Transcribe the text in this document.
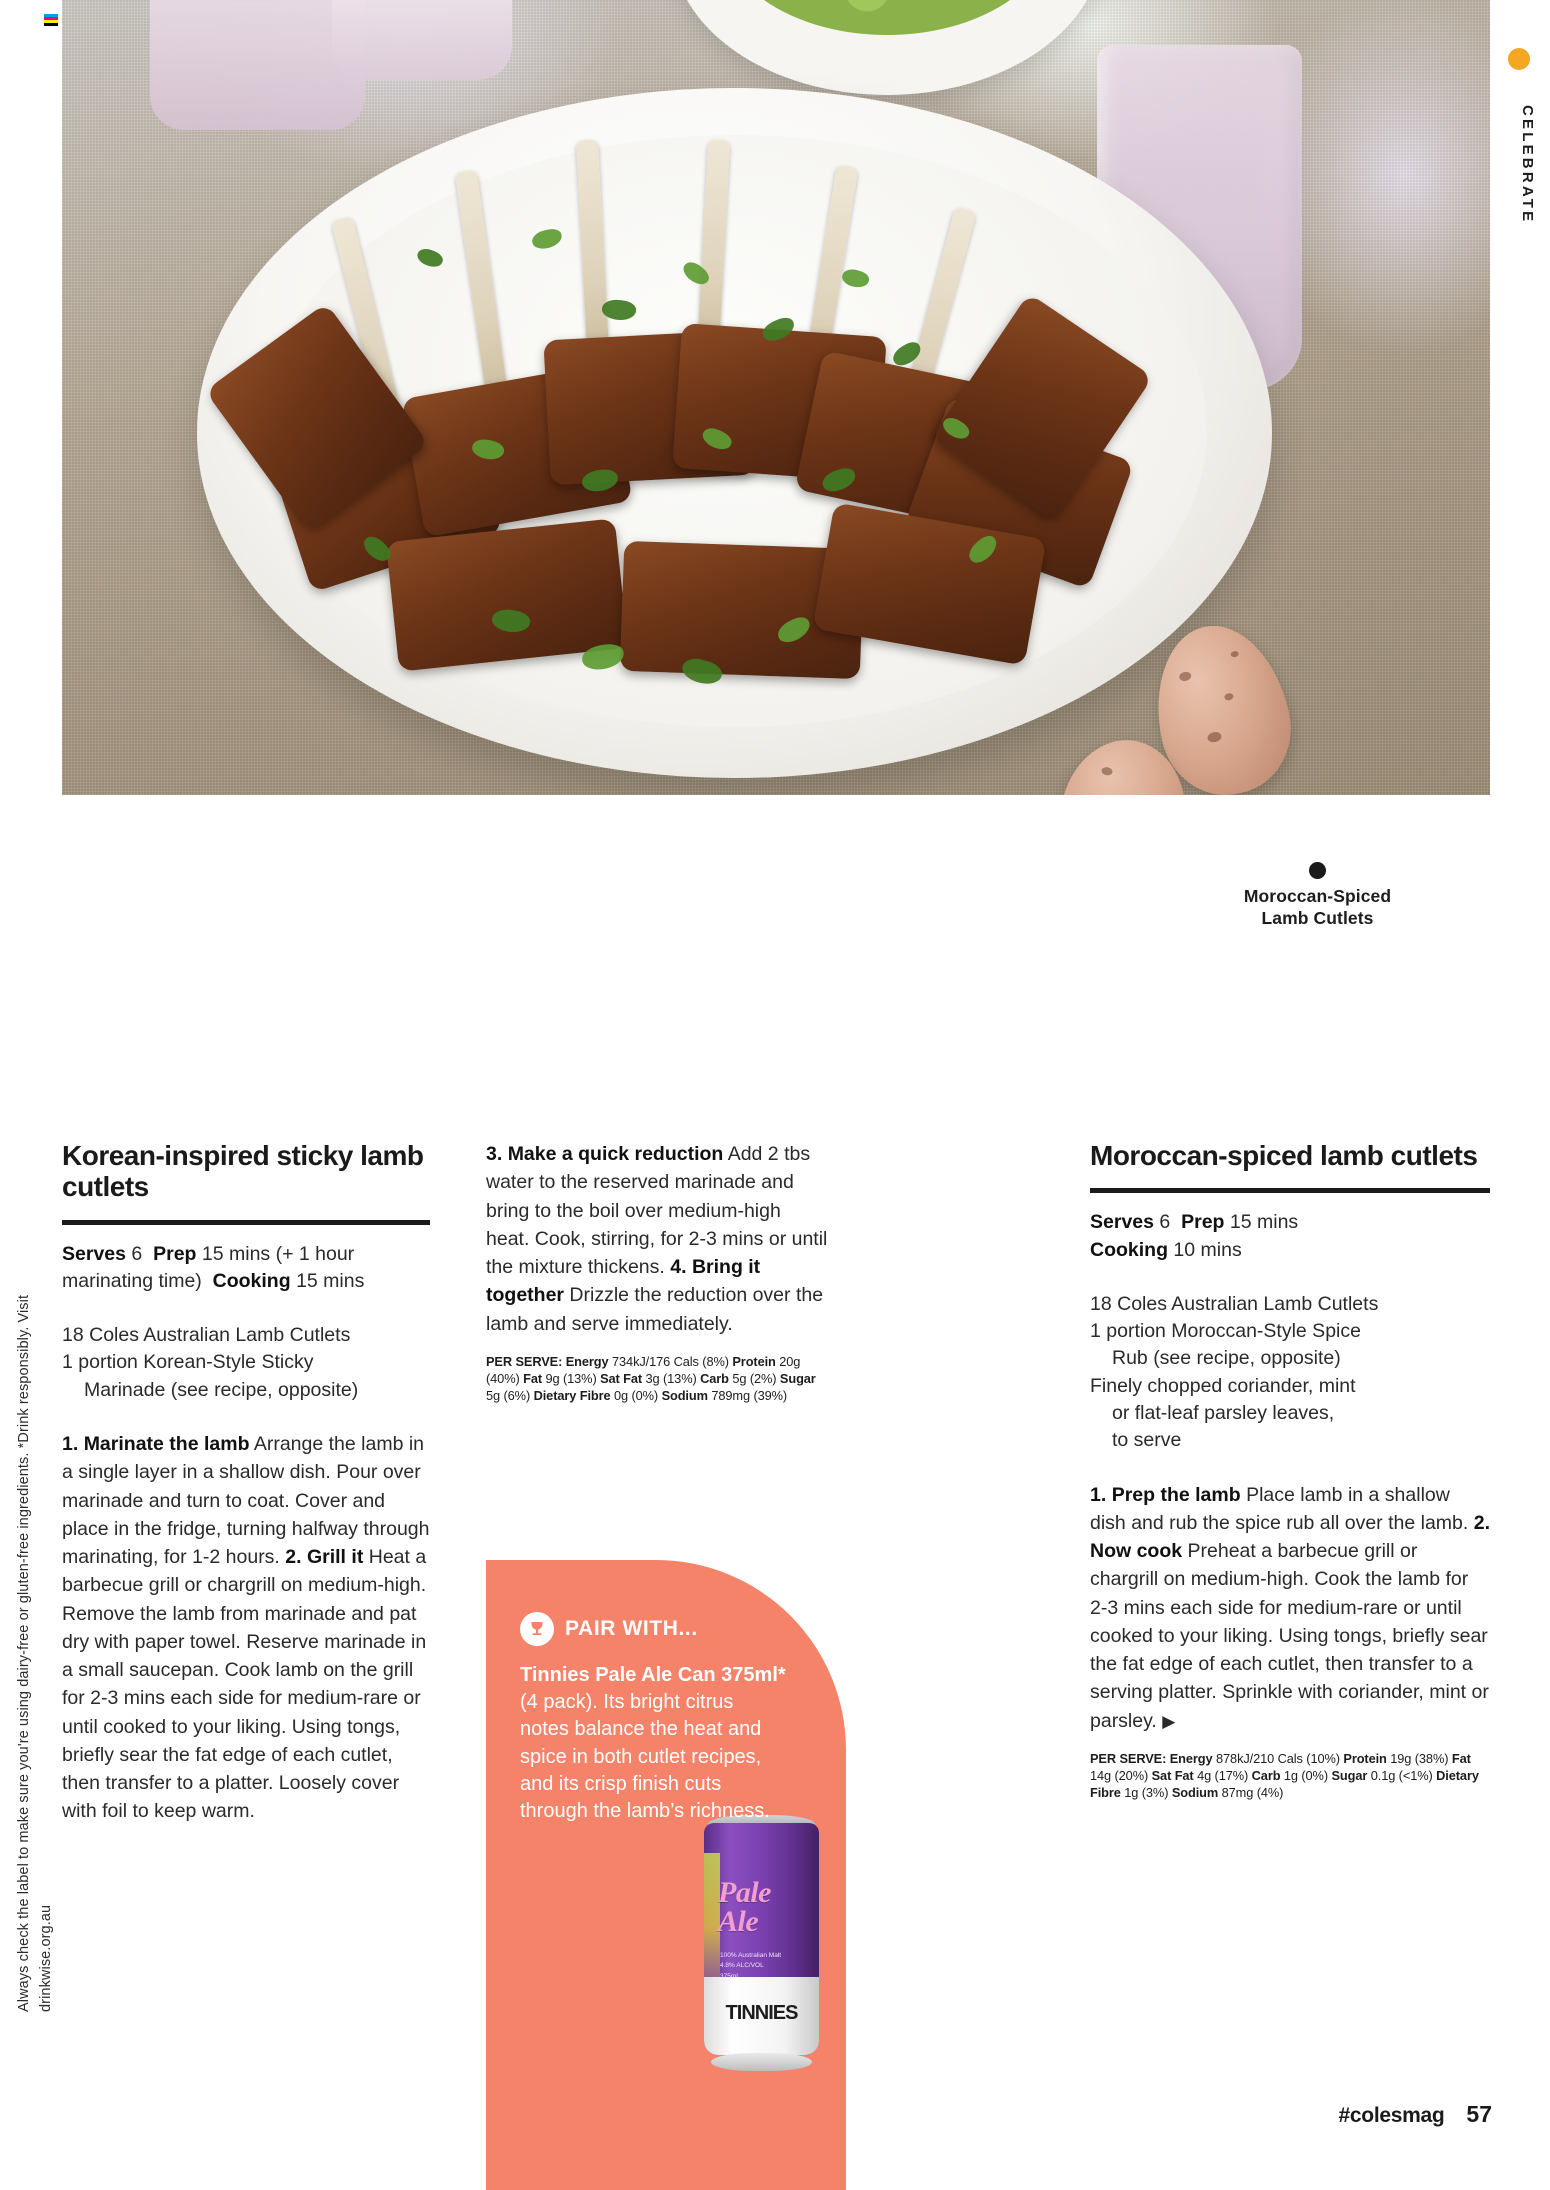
Moroccan-Spiced
Lamb Cutlets
CELEBRATE
Always check the label to make sure you're using dairy-free or gluten-free ingredients. *Drink responsibly. Visit drinkwise.org.au
Korean-inspired sticky lamb cutlets

Serves 6 Prep 15 mins (+ 1 hour marinating time) Cooking 15 mins

18 Coles Australian Lamb Cutlets
1 portion Korean-Style Sticky

Marinade (see recipe, opposite)

1. Marinate the lamb Arrange the lamb in a single layer in a shallow dish. Pour over marinade and turn to coat. Cover and place in the fridge, turning halfway through marinating, for 1-2 hours. 2. Grill it Heat a barbecue grill or chargrill on medium-high. Remove the lamb from marinade and pat dry with paper towel. Reserve marinade in a small saucepan. Cook lamb on the grill for 2-3 mins each side for medium-rare or until cooked to your liking. Using tongs, briefly sear the fat edge of each cutlet, then transfer to a platter. Loosely cover with foil to keep warm.

3. Make a quick reduction Add 2 tbs water to the reserved marinade and bring to the boil over medium-high heat. Cook, stirring, for 2-3 mins or until the mixture thickens. 4. Bring it together Drizzle the reduction over the lamb and serve immediately.

PER SERVE: Energy 734kJ/176 Cals (8%) Protein 20g (40%) Fat 9g (13%) Sat Fat 3g (13%) Carb 5g (2%) Sugar 5g (6%) Dietary Fibre 0g (0%) Sodium 789mg (39%)

Moroccan-spiced lamb cutlets

Serves 6 Prep 15 mins
Cooking 10 mins

18 Coles Australian Lamb Cutlets
1 portion Moroccan-Style Spice

Rub (see recipe, opposite)
Finely chopped coriander, mint

or flat-leaf parsley leaves,
to serve

1. Prep the lamb Place lamb in a shallow dish and rub the spice rub all over the lamb. 2. Now cook Preheat a barbecue grill or chargrill on medium-high. Cook the lamb for 2-3 mins each side for medium-rare or until cooked to your liking. Using tongs, briefly sear the fat edge of each cutlet, then transfer to a serving platter. Sprinkle with coriander, mint or parsley. ▶

PER SERVE: Energy 878kJ/210 Cals (10%) Protein 19g (38%) Fat 14g (20%) Sat Fat 4g (17%) Carb 1g (0%) Sugar 0.1g (<1%) Dietary Fibre 1g (3%) Sodium 87mg (4%)

PAIR WITH...
Tinnies Pale Ale Can 375ml* (4 pack). Its bright citrus notes balance the heat and spice in both cutlet recipes, and its crisp finish cuts through the lamb’s richness.
Pale
Ale
100% Australian Malt
4.8% ALC/VOL

TINNIES
#colesmag 57
